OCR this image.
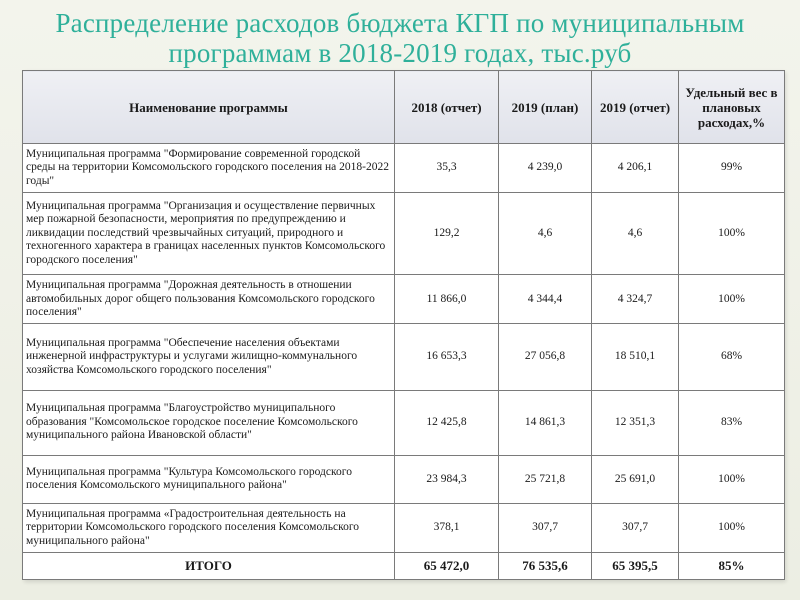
Распределение расходов бюджета КГП по муниципальным программам в 2018-2019 годах, тыс.руб
Наименование программы	2018 (отчет)	2019 (план)	2019 (отчет)	Удельный вес в плановых расходах,%
Муниципальная программа "Формирование современной городской среды на территории Комсомольского городского поселения на 2018-2022 годы"	35,3	4 239,0	4 206,1	99%
Муниципальная программа "Организация и осуществление первичных мер пожарной безопасности, мероприятия по предупреждению и ликвидации последствий чрезвычайных ситуаций, природного и техногенного характера в границах населенных пунктов Комсомольского городского поселения"	129,2	4,6	4,6	100%
Муниципальная программа "Дорожная деятельность в отношении автомобильных дорог общего пользования Комсомольского городского поселения"	11 866,0	4 344,4	4 324,7	100%
Муниципальная программа "Обеспечение населения объектами инженерной инфраструктуры и услугами жилищно-коммунального хозяйства Комсомольского городского поселения"	16 653,3	27 056,8	18 510,1	68%
Муниципальная программа "Благоустройство муниципального образования "Комсомольское городское поселение Комсомольского муниципального района Ивановской области"	12 425,8	14 861,3	12 351,3	83%
Муниципальная программа "Культура Комсомольского городского поселения Комсомольского муниципального района"	23 984,3	25 721,8	25 691,0	100%
Муниципальная программа «Градостроительная деятельность на территории Комсомольского городского поселения Комсомольского муниципального района"	378,1	307,7	307,7	100%
ИТОГО	65 472,0	76 535,6	65 395,5	85%
